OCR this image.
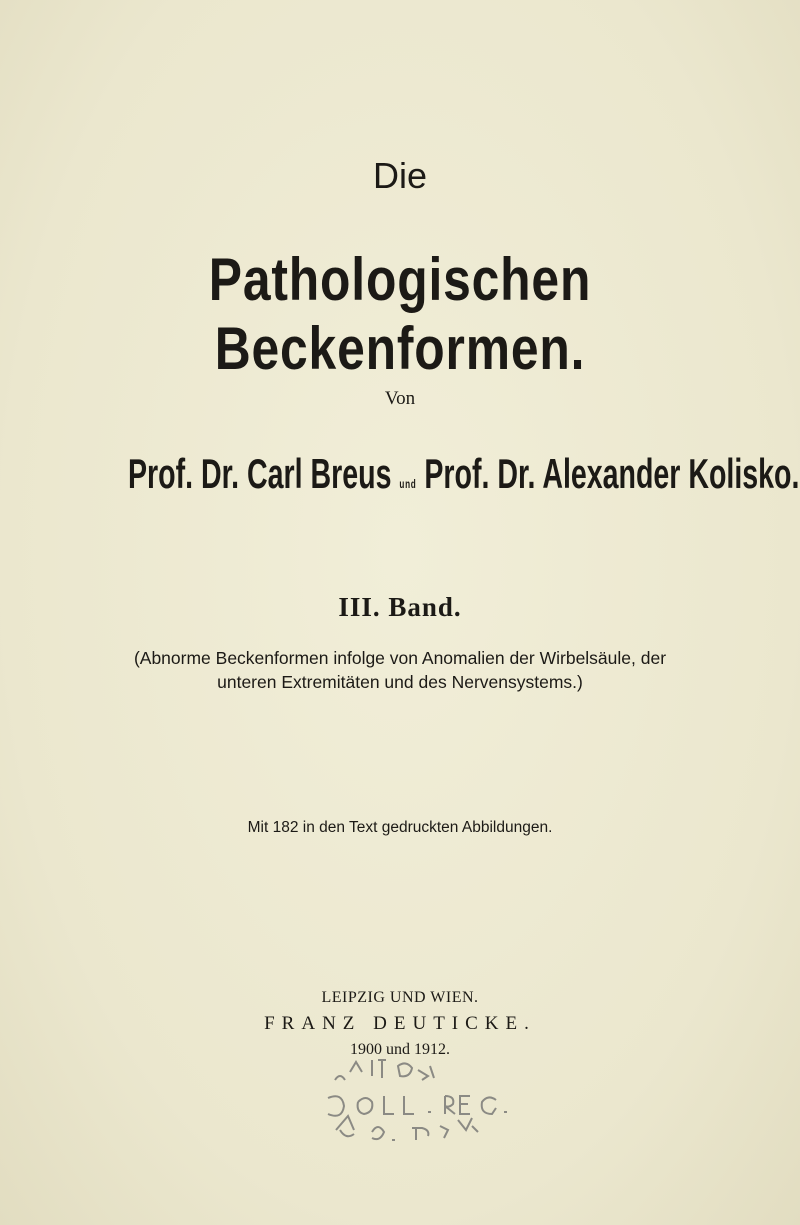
Die
Pathologischen Beckenformen.
Von
Prof. Dr. Carl Breus und Prof. Dr. Alexander Kolisko.
III. Band.
(Abnorme Beckenformen infolge von Anomalien der Wirbelsäule, der
unteren Extremitäten und des Nervensystems.)
Mit 182 in den Text gedruckten Abbildungen.
LEIPZIG UND WIEN.
FRANZ DEUTICKE.
1900 und 1912.
